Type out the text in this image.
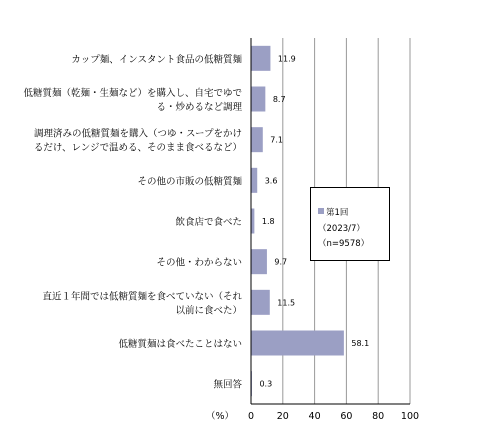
11.9
8.7
7.1
3.6
1.8
9.7
11.5
58.1
0.3
カップ麺、インスタント食品の低糖質麺
低糖質麺（乾麺・生麺など）を購入し、自宅でゆで
る・炒めるなど調理
調理済みの低糖質麺を購入（つゆ・スープをかけ
るだけ、レンジで温める、そのまま食べるなど）
その他の市販の低糖質麺
飲食店で食べた
その他・わからない
直近１年間では低糖質麺を食べていない（それ
以前に食べた）
低糖質麺は食べたことはない
無回答
0 20 40 60 80 100
（%）
第1回
（2023/7）
（n=9578）
